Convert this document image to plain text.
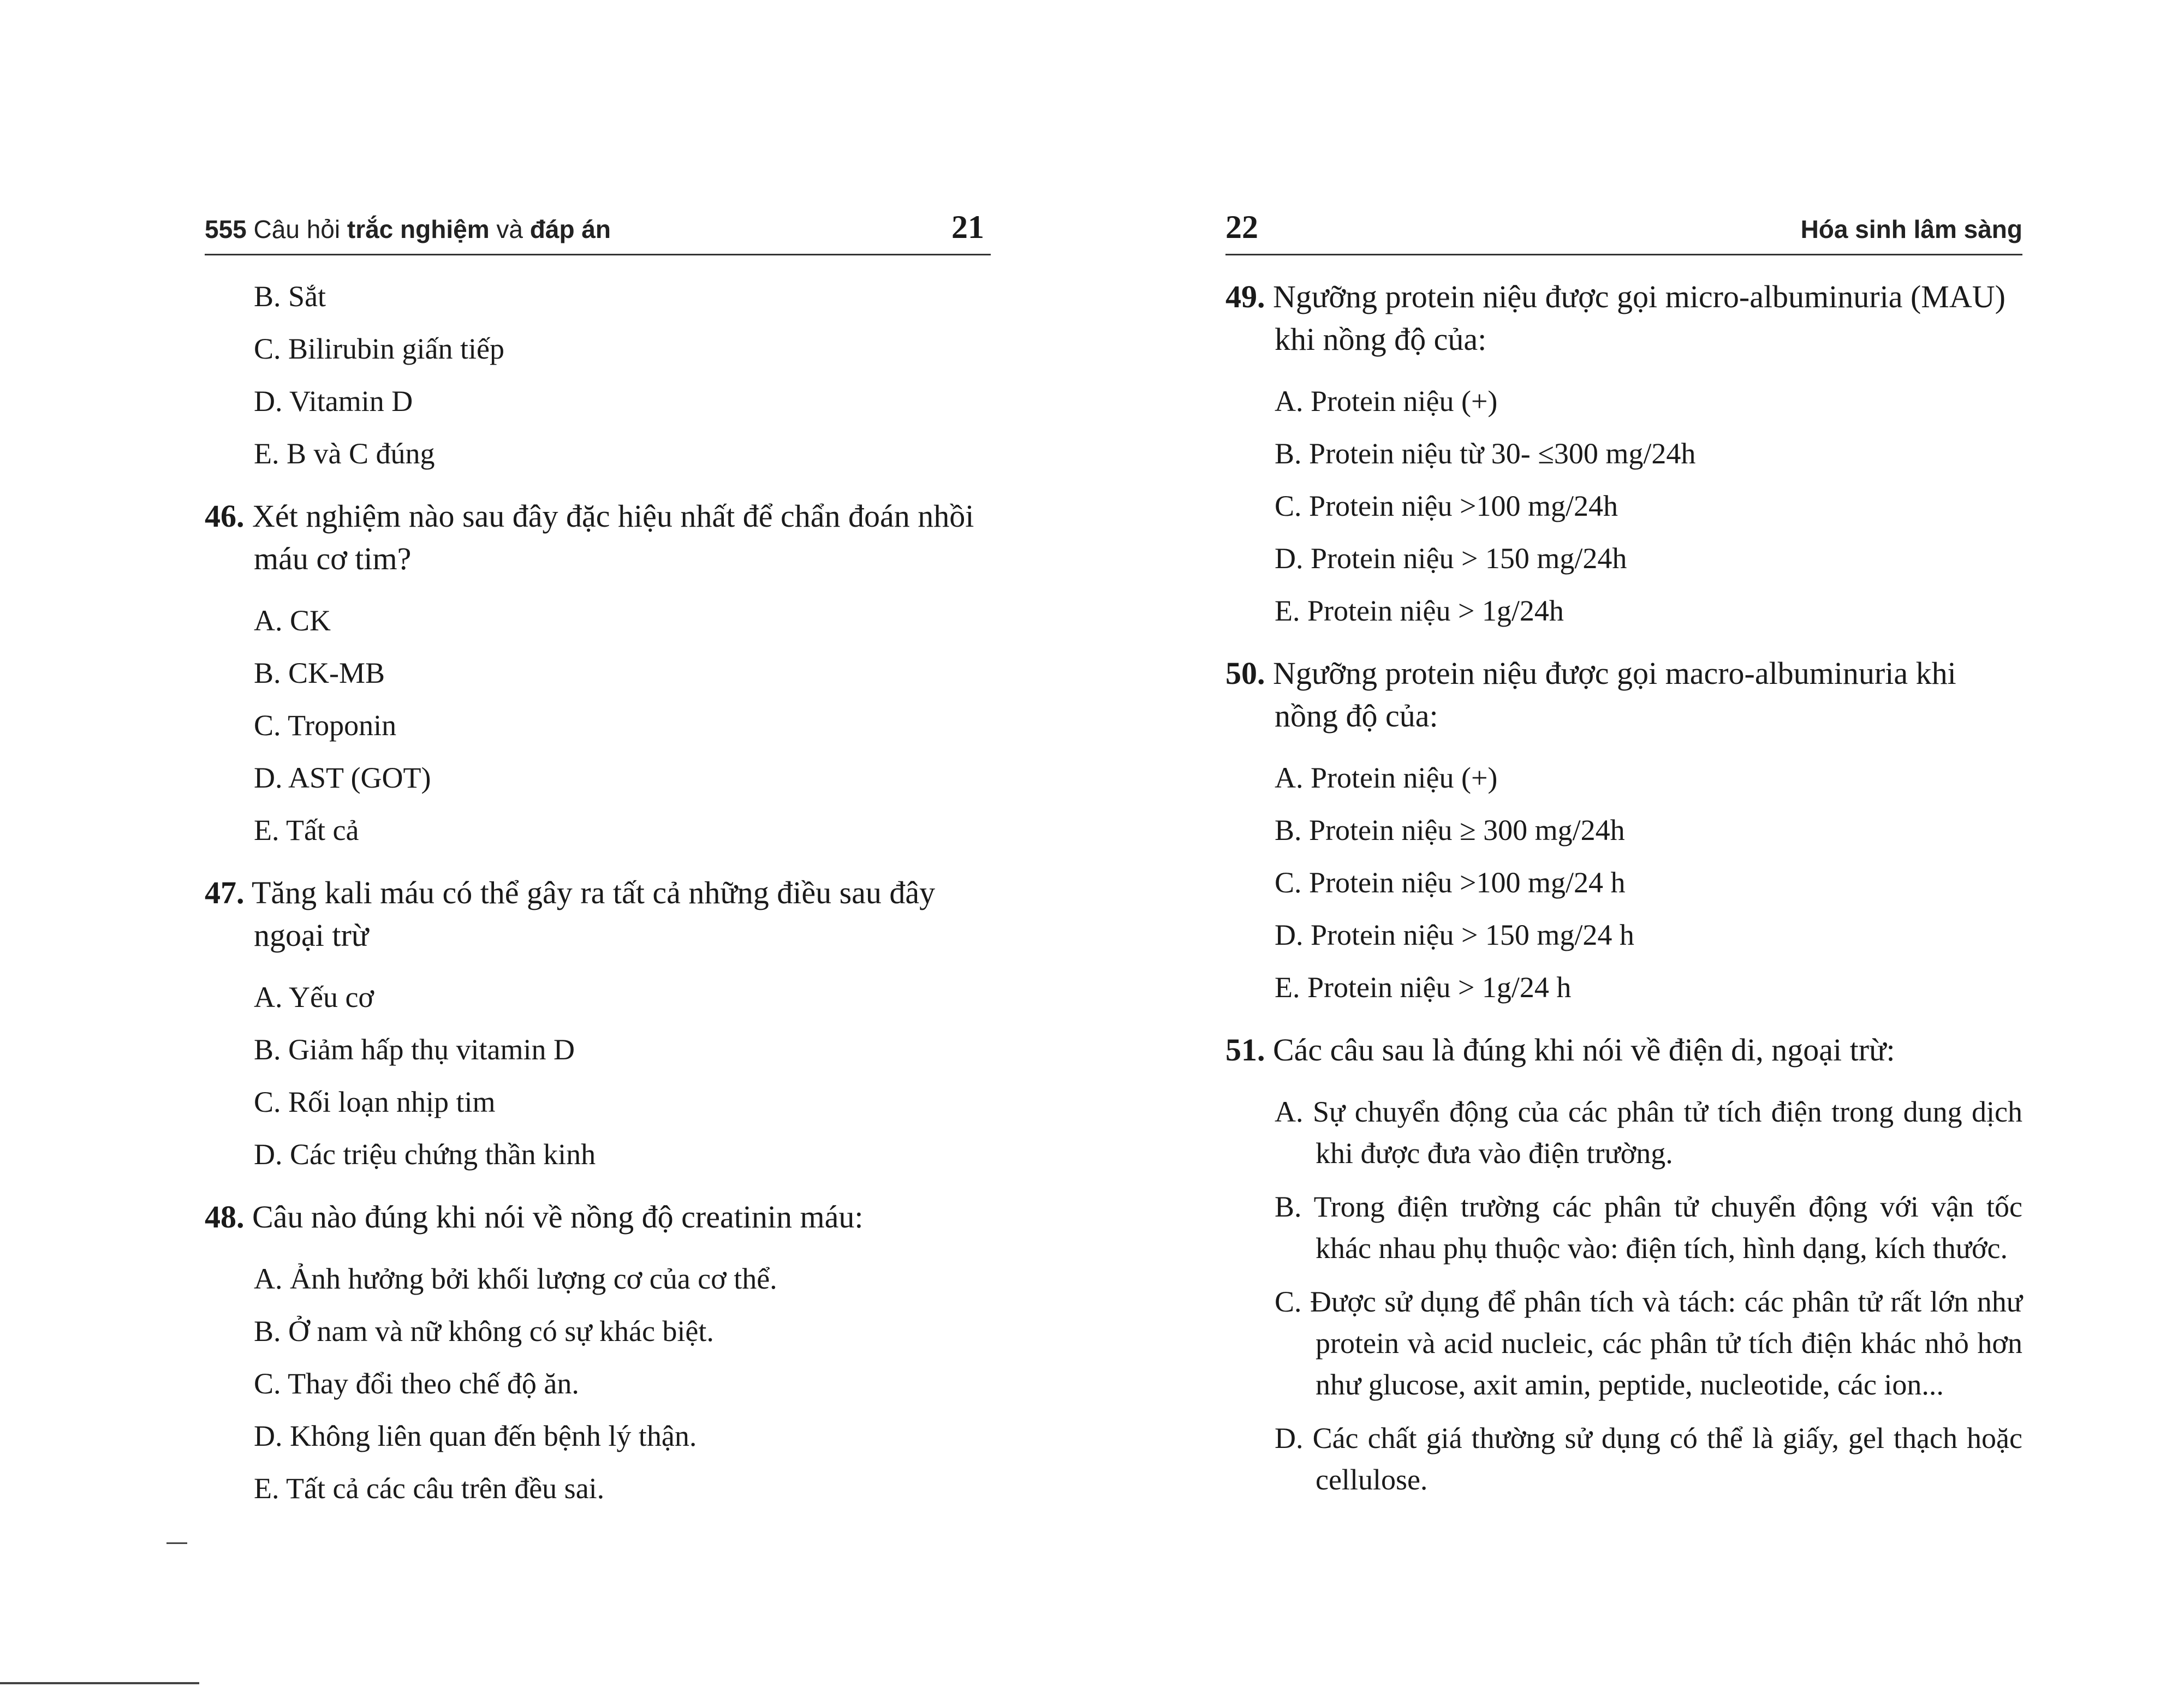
555 Câu hỏi trắc nghiệm và đáp án	21
B. Sắt
C. Bilirubin giấn tiếp
D. Vitamin D
E. B và C đúng

46. Xét nghiệm nào sau đây đặc hiệu nhất để chẩn đoán nhồi máu cơ tim?

A. CK
B. CK-MB
C. Troponin
D. AST (GOT)
E. Tất cả

47. Tăng kali máu có thể gây ra tất cả những điều sau đây ngoại trừ

A. Yếu cơ
B. Giảm hấp thụ vitamin D
C. Rối loạn nhịp tim
D. Các triệu chứng thần kinh

48. Câu nào đúng khi nói về nồng độ creatinin máu:

A. Ảnh hưởng bởi khối lượng cơ của cơ thể.
B. Ở nam và nữ không có sự khác biệt.
C. Thay đổi theo chế độ ăn.
D. Không liên quan đến bệnh lý thận.
E. Tất cả các câu trên đều sai.
22	Hóa sinh lâm sàng

49. Ngưỡng protein niệu được gọi micro-albuminuria (MAU) khi nồng độ của:

A. Protein niệu (+)
B. Protein niệu từ 30- ≤300 mg/24h
C. Protein niệu >100 mg/24h
D. Protein niệu > 150 mg/24h
E. Protein niệu > 1g/24h

50. Ngưỡng protein niệu được gọi macro-albuminuria khi nồng độ của:

A. Protein niệu (+)
B. Protein niệu ≥ 300 mg/24h
C. Protein niệu >100 mg/24 h
D. Protein niệu > 150 mg/24 h
E. Protein niệu > 1g/24 h

51. Các câu sau là đúng khi nói về điện di, ngoại trừ:

A. Sự chuyển động của các phân tử tích điện trong dung dịch khi được đưa vào điện trường.
B. Trong điện trường các phân tử chuyển động với vận tốc khác nhau phụ thuộc vào: điện tích, hình dạng, kích thước.
C. Được sử dụng để phân tích và tách: các phân tử rất lớn như protein và acid nucleic, các phân tử tích điện khác nhỏ hơn như glucose, axit amin, peptide, nucleotide, các ion...
D. Các chất giá thường sử dụng có thể là giấy, gel thạch hoặc cellulose.
